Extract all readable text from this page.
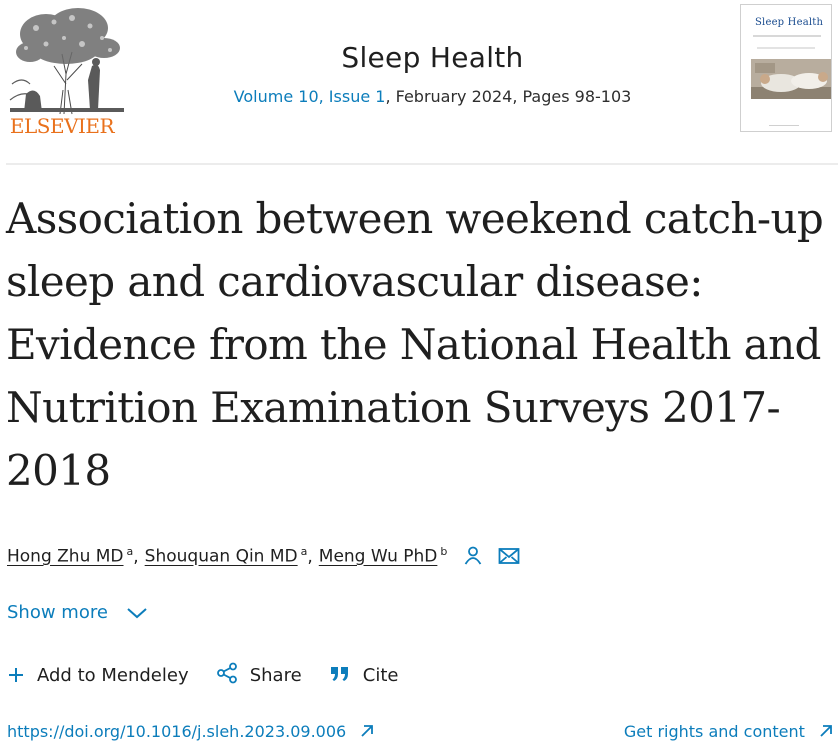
ELSEVIER
Sleep Health
Volume 10, Issue 1, February 2024, Pages 98-103
Sleep Health
Association between weekend catch-up sleep and cardiovascular disease: Evidence from the National Health and Nutrition Examination Surveys 2017-2018
Hong Zhu MD $^a$, Shouquan Qin MD $^a$, Meng Wu PhD $^b$
Show more
Add to Mendeley	Share	Cite
https://doi.org/10.1016/j.sleh.2023.09.006	Get rights and content
